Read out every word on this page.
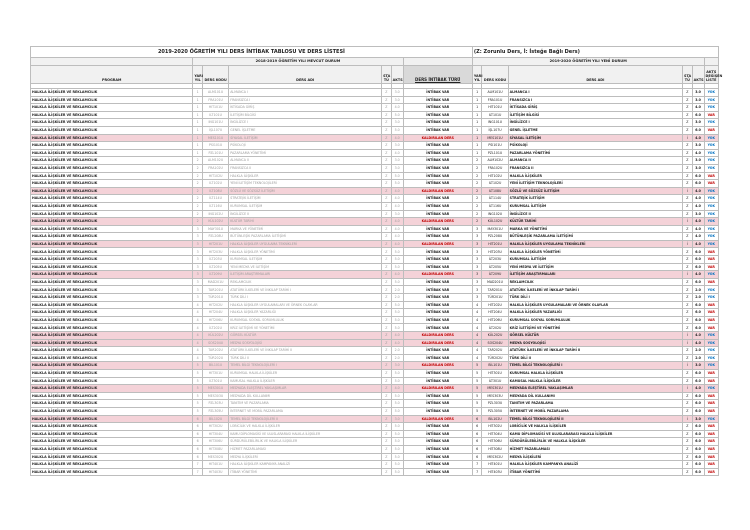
2019-2020 ÖĞRETİM YILI DERS İNTİBAK TABLOSU VE DERS LİSTESİ							(Z: Zorunlu Ders, İ: İsteğe Bağlı Ders)					
	2018-2019 ÖĞRETİM YILI MEVCUT DURUM						2019-2020 ÖĞRETİM YILI YENİ DURUM					
PROGRAM	YARI YIL	DERS KODU	DERS ADI	STA TÜ	AKTS	DERS İNTİBAK TÜRÜ	YARI YIL	DERS KODU	DERS ADI	STA TÜ	AKTS	AKTS DEĞİŞEN LİSTE

HALKLA İLİŞKİLER VE REKLAMCILIK	1	ALM101U	ALMANCA I	Z	3.0	İNTİBAK VAR	1	ALM101U	ALMANCA I	Z	3.0	YOK
HALKLA İLİŞKİLER VE REKLAMCILIK	1	FRA101U	FRANSIZCA I	Z	3.0	İNTİBAK VAR	1	FRA101U	FRANSIZCA I	Z	3.0	YOK
HALKLA İLİŞKİLER VE REKLAMCILIK	1	HIT101U	İKTİSADA GİRİŞ	Z	4.0	İNTİBAK VAR	1	HIT101U	İKTİSADA GİRİŞ	Z	4.0	YOK
HALKLA İLİŞKİLER VE REKLAMCILIK	1	ILT101U	İLETİŞİM BİLGİSİ	Z	5.0	İNTİBAK VAR	1	ILT101U	İLETİŞİM BİLGİSİ	Z	6.0	VAR
HALKLA İLİŞKİLER VE REKLAMCILIK	1	ING101U	İNGİLİZCE I	Z	3.0	İNTİBAK VAR	1	ING101U	İNGİLİZCE I	Z	3.0	YOK
HALKLA İLİŞKİLER VE REKLAMCILIK	1	İŞL107U	GENEL İŞLETME	Z	5.0	İNTİBAK VAR	1	İŞL107U	GENEL İŞLETME	Z	6.0	VAR
HALKLA İLİŞKİLER VE REKLAMCILIK	1	MES101U	SİYASAL İLETİŞİM	Z	4.0	KALDIRILAN DERS	1	MES101U	SİYASAL İLETİŞİM	İ	4.0	YOK
HALKLA İLİŞKİLER VE REKLAMCILIK	1	PSI101U	PSİKOLOJİ	Z	3.0	İNTİBAK VAR	1	PSI101U	PSİKOLOJİ	Z	3.0	YOK
HALKLA İLİŞKİLER VE REKLAMCILIK	1	PZL101U	PAZARLAMA YÖNETİMİ	Z	4.0	İNTİBAK VAR	1	PZL101U	PAZARLAMA YÖNETİMİ	Z	4.0	YOK
HALKLA İLİŞKİLER VE REKLAMCILIK	2	ALM102U	ALMANCA II	Z	3.0	İNTİBAK VAR	2	ALM102U	ALMANCA II	Z	3.0	YOK
HALKLA İLİŞKİLER VE REKLAMCILIK	2	FRA102U	FRANSIZCA II	Z	3.0	İNTİBAK VAR	2	FRA102U	FRANSIZCA II	Z	3.0	YOK
HALKLA İLİŞKİLER VE REKLAMCILIK	2	HIT102U	HALKLA İLİŞKİLER	Z	5.0	İNTİBAK VAR	2	HIT102U	HALKLA İLİŞKİLER	Z	6.0	VAR
HALKLA İLİŞKİLER VE REKLAMCILIK	2	ILT102U	YENİ İLETİŞİM TEKNOLOJİLERİ	Z	5.0	İNTİBAK VAR	2	ILT102U	YENİ İLETİŞİM TEKNOLOJİLERİ	Z	6.0	VAR
HALKLA İLİŞKİLER VE REKLAMCILIK	2	ILT108U	SÖZLÜ VE SÖZSÜZ İLETİŞİM	Z	4.0	KALDIRILAN DERS	2	ILT108U	SÖZLÜ VE SÖZSÜZ İLETİŞİM	İ	4.0	YOK
HALKLA İLİŞKİLER VE REKLAMCILIK	2	İLT114U	STRATEJİK İLETİŞİM	Z	4.0	İNTİBAK VAR	2	İLT114U	STRATEJİK İLETİŞİM	Z	4.0	YOK
HALKLA İLİŞKİLER VE REKLAMCILIK	2	İLT116U	KURUMSAL İLETİŞİM	Z	4.0	İNTİBAK VAR	2	İLT116U	KURUMSAL İLETİŞİM	Z	4.0	YOK
HALKLA İLİŞKİLER VE REKLAMCILIK	2	ING102U	İNGİLİZCE II	Z	3.0	İNTİBAK VAR	2	ING102U	İNGİLİZCE II	Z	3.0	YOK
HALKLA İLİŞKİLER VE REKLAMCILIK	2	KÜL102U	KÜLTÜR TARİHİ	Z	4.0	KALDIRILAN DERS	2	KÜL102U	KÜLTÜR TARİHİ	İ	4.0	YOK
HALKLA İLİŞKİLER VE REKLAMCILIK	3	MAY301U	MARKA VE YÖNETİMİ	Z	4.0	İNTİBAK VAR	3	MAY301U	MARKA VE YÖNETİMİ	Z	4.0	YOK
HALKLA İLİŞKİLER VE REKLAMCILIK	3	PZL208U	BÜTÜNLEŞİK PAZARLAMA İLETİŞİMİ	Z	4.0	İNTİBAK VAR	3	PZL208U	BÜTÜNLEŞİK PAZARLAMA İLETİŞİMİ	Z	4.0	YOK
HALKLA İLİŞKİLER VE REKLAMCILIK	3	HIT201U	HALKLA İLİŞKİLER UYGULAMA TEKNİKLERİ	Z	4.0	KALDIRILAN DERS	3	HIT201U	HALKLA İLİŞKİLER UYGULAMA TEKNİKLERİ	İ	4.0	YOK
HALKLA İLİŞKİLER VE REKLAMCILIK	3	HIT203U	HALKLA İLİŞKİLER YÖNETİMİ	Z	5.0	İNTİBAK VAR	3	HIT203U	HALKLA İLİŞKİLER YÖNETİMİ	Z	6.0	VAR
HALKLA İLİŞKİLER VE REKLAMCILIK	3	İLT203U	KURUMSAL İLETİŞİM	Z	5.0	İNTİBAK VAR	3	İLT203U	KURUMSAL İLETİŞİM	Z	6.0	VAR
HALKLA İLİŞKİLER VE REKLAMCILIK	3	İLT205U	YENİ MEDYA VE İLETİŞİM	Z	5.0	İNTİBAK VAR	3	İLT205U	YENİ MEDYA VE İLETİŞİM	Z	6.0	VAR
HALKLA İLİŞKİLER VE REKLAMCILIK	3	İLT209U	İLETİŞİM ARAŞTIRMALARI	Z	4.0	KALDIRILAN DERS	3	İLT209U	İLETİŞİM ARAŞTIRMALARI	İ	4.0	YOK
HALKLA İLİŞKİLER VE REKLAMCILIK	3	MAD201U	REKLAMCILIK	Z	5.0	İNTİBAK VAR	3	MAD201U	REKLAMCILIK	Z	6.0	VAR
HALKLA İLİŞKİLER VE REKLAMCILIK	3	TAR201U	ATATÜRK İLKELERİ VE İNKILAP TARİHİ I	Z	2.0	İNTİBAK VAR	3	TAR201U	ATATÜRK İLKELERİ VE İNKILAP TARİHİ I	Z	2.0	YOK
HALKLA İLİŞKİLER VE REKLAMCILIK	3	TÜR201U	TÜRK DİLİ I	Z	2.0	İNTİBAK VAR	3	TÜR201U	TÜRK DİLİ I	Z	2.0	YOK
HALKLA İLİŞKİLER VE REKLAMCILIK	4	HIT202U	HALKLA İLİŞKİLER UYGULAMALARI VE ÖRNEK OLAYLAR	Z	5.0	İNTİBAK VAR	4	HIT202U	HALKLA İLİŞKİLER UYGULAMALARI VE ÖRNEK OLAYLAR	Z	6.0	VAR
HALKLA İLİŞKİLER VE REKLAMCILIK	4	HIT204U	HALKLA İLİŞKİLER YAZARLIĞI	Z	5.0	İNTİBAK VAR	4	HIT204U	HALKLA İLİŞKİLER YAZARLIĞI	Z	6.0	VAR
HALKLA İLİŞKİLER VE REKLAMCILIK	4	HIT206U	KURUMSAL SOSYAL SORUMLULUK	Z	5.0	İNTİBAK VAR	4	HIT206U	KURUMSAL SOSYAL SORUMLULUK	Z	6.0	VAR
HALKLA İLİŞKİLER VE REKLAMCILIK	4	İLT202U	KRİZ İLETİŞİMİ VE YÖNETİMİ	Z	5.0	İNTİBAK VAR	4	İLT202U	KRİZ İLETİŞİMİ VE YÖNETİMİ	Z	6.0	VAR
HALKLA İLİŞKİLER VE REKLAMCILIK	4	KÜL202U	GÖRSEL KÜLTÜR	Z	4.0	KALDIRILAN DERS	4	KÜL202U	GÖRSEL KÜLTÜR	İ	4.0	YOK
HALKLA İLİŞKİLER VE REKLAMCILIK	4	SOS204U	MEDYA SOSYOLOJİSİ	Z	4.0	KALDIRILAN DERS	4	SOS204U	MEDYA SOSYOLOJİSİ	İ	4.0	YOK
HALKLA İLİŞKİLER VE REKLAMCILIK	4	TAR202U	ATATÜRK İLKELERİ VE İNKILAP TARİHİ II	Z	2.0	İNTİBAK VAR	4	TAR202U	ATATÜRK İLKELERİ VE İNKILAP TARİHİ II	Z	2.0	YOK
HALKLA İLİŞKİLER VE REKLAMCILIK	4	TÜR202U	TÜRK DİLİ II	Z	2.0	İNTİBAK VAR	4	TÜR202U	TÜRK DİLİ II	Z	2.0	YOK
HALKLA İLİŞKİLER VE REKLAMCILIK	5	BİL101U	TEMEL BİLGİ TEKNOLOJİLERİ I	Z	3.0	KALDIRILAN DERS	5	BİL101U	TEMEL BİLGİ TEKNOLOJİLERİ I	İ	3.0	YOK
HALKLA İLİŞKİLER VE REKLAMCILIK	5	HIT301U	KURUMSAL HALKLA İLİŞKİLER	Z	5.0	İNTİBAK VAR	5	HIT301U	KURUMSAL HALKLA İLİŞKİLER	Z	6.0	VAR
HALKLA İLİŞKİLER VE REKLAMCILIK	5	İLT301U	KAMUSAL HALKLA İLİŞKİLER	Z	5.0	İNTİBAK VAR	5	İLT301U	KAMUSAL HALKLA İLİŞKİLER	Z	6.0	VAR
HALKLA İLİŞKİLER VE REKLAMCILIK	5	MES301U	MEDYADA ELEŞTİREL YAKLAŞIMLAR	Z	4.0	KALDIRILAN DERS	5	MES301U	MEDYADA ELEŞTİREL YAKLAŞIMLAR	İ	4.0	YOK
HALKLA İLİŞKİLER VE REKLAMCILIK	5	MES303U	MEDYADA DİL KULLANIMI	Z	5.0	İNTİBAK VAR	5	MES303U	MEDYADA DİL KULLANIMI	Z	6.0	VAR
HALKLA İLİŞKİLER VE REKLAMCILIK	5	PZL303U	TANITIM VE PAZARLAMA	Z	5.0	İNTİBAK VAR	5	PZL303U	TANITIM VE PAZARLAMA	Z	6.0	VAR
HALKLA İLİŞKİLER VE REKLAMCILIK	5	PZL305U	İNTERNET VE MOBİL PAZARLAMA	Z	5.0	İNTİBAK VAR	5	PZL305U	İNTERNET VE MOBİL PAZARLAMA	Z	6.0	VAR
HALKLA İLİŞKİLER VE REKLAMCILIK	6	BİL102U	TEMEL BİLGİ TEKNOLOJİLERİ II	Z	3.0	KALDIRILAN DERS	6	BİL102U	TEMEL BİLGİ TEKNOLOJİLERİ II	İ	3.0	YOK
HALKLA İLİŞKİLER VE REKLAMCILIK	6	HIT302U	LOBİCİLİK VE HALKLA İLİŞKİLER	Z	5.0	İNTİBAK VAR	6	HIT302U	LOBİCİLİK VE HALKLA İLİŞKİLER	Z	6.0	VAR
HALKLA İLİŞKİLER VE REKLAMCILIK	6	HIT304U	KAMU DİPLOMASİSİ VE ULUSLARARASI HALKLA İLİŞKİLER	Z	5.0	İNTİBAK VAR	6	HIT304U	KAMU DİPLOMASİSİ VE ULUSLARARASI HALKLA İLİŞKİLER	Z	6.0	VAR
HALKLA İLİŞKİLER VE REKLAMCILIK	6	HIT306U	SÜRDÜRÜLEBİLİRLİK VE HALKLA İLİŞKİLER	Z	5.0	İNTİBAK VAR	6	HIT306U	SÜRDÜRÜLEBİLİRLİK VE HALKLA İLİŞKİLER	Z	6.0	VAR
HALKLA İLİŞKİLER VE REKLAMCILIK	6	HIT308U	HİZMET PAZARLAMASI	Z	5.0	İNTİBAK VAR	6	HIT308U	HİZMET PAZARLAMASI	Z	6.0	VAR
HALKLA İLİŞKİLER VE REKLAMCILIK	6	MES302U	MEDYA İLİŞKİLERİ	Z	5.0	İNTİBAK VAR	6	MES302U	MEDYA İLİŞKİLERİ	Z	6.0	VAR
HALKLA İLİŞKİLER VE REKLAMCILIK	7	HIT401U	HALKLA İLİŞKİLER KAMPANYA ANALİZİ	Z	5.0	İNTİBAK VAR	7	HIT401U	HALKLA İLİŞKİLER KAMPANYA ANALİZİ	Z	6.0	VAR
HALKLA İLİŞKİLER VE REKLAMCILIK	7	HIT403U	İTİBAR YÖNETİMİ	Z	5.0	İNTİBAK VAR	7	HIT403U	İTİBAR YÖNETİMİ	Z	6.0	VAR
